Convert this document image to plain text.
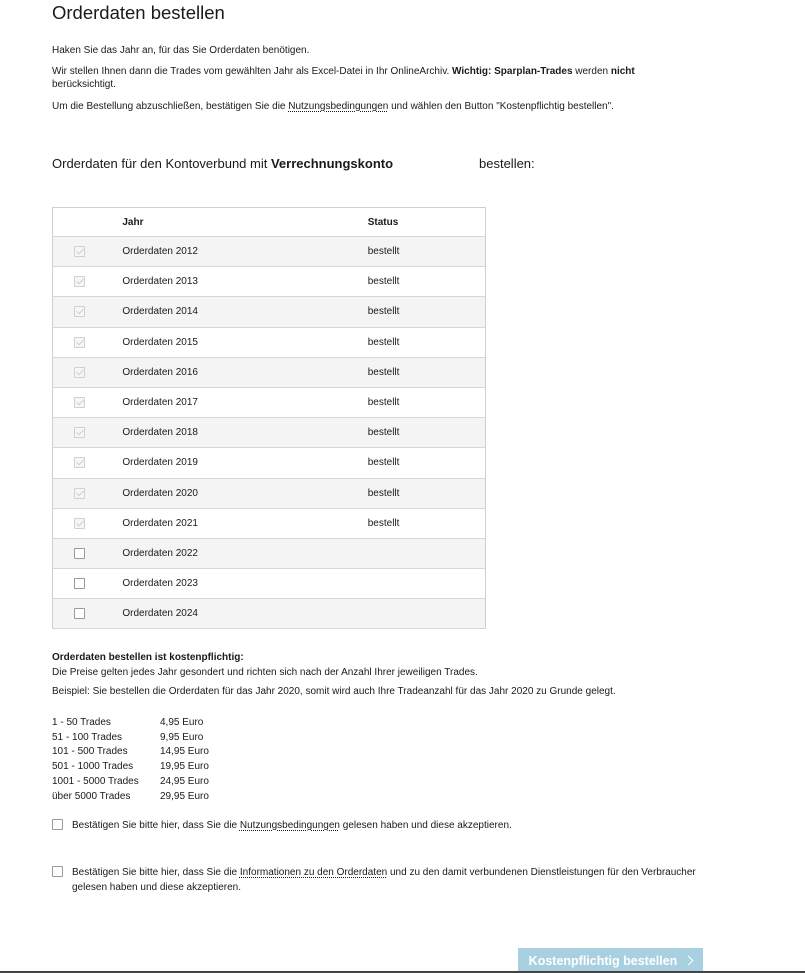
Orderdaten bestellen

Haken Sie das Jahr an, für das Sie Orderdaten benötigen.

Wir stellen Ihnen dann die Trades vom gewählten Jahr als Excel-Datei in Ihr OnlineArchiv. Wichtig: Sparplan-Trades werden nicht berücksichtigt.

Um die Bestellung abzuschließen, bestätigen Sie die Nutzungsbedingungen und wählen den Button "Kostenpflichtig bestellen".

Orderdaten für den Kontoverbund mit Verrechnungskonto	bestellen:
	Jahr	Status
	Orderdaten 2012	bestellt
	Orderdaten 2013	bestellt
	Orderdaten 2014	bestellt
	Orderdaten 2015	bestellt
	Orderdaten 2016	bestellt
	Orderdaten 2017	bestellt
	Orderdaten 2018	bestellt
	Orderdaten 2019	bestellt
	Orderdaten 2020	bestellt
	Orderdaten 2021	bestellt
	Orderdaten 2022	
	Orderdaten 2023	
	Orderdaten 2024	
Orderdaten bestellen ist kostenpflichtig:
Die Preise gelten jedes Jahr gesondert und richten sich nach der Anzahl Ihrer jeweiligen Trades.
Beispiel: Sie bestellen die Orderdaten für das Jahr 2020, somit wird auch Ihre Tradeanzahl für das Jahr 2020 zu Grunde gelegt.
1 - 50 Trades	4,95 Euro
51 - 100 Trades	9,95 Euro
101 - 500 Trades	14,95 Euro
501 - 1000 Trades	19,95 Euro
1001 - 5000 Trades	24,95 Euro
über 5000 Trades	29,95 Euro
Bestätigen Sie bitte hier, dass Sie die Nutzungsbedingungen gelesen haben und diese akzeptieren.
Bestätigen Sie bitte hier, dass Sie die Informationen zu den Orderdaten und zu den damit verbundenen Dienstleistungen für den Verbraucher gelesen haben und diese akzeptieren.
Kostenpflichtig bestellen
